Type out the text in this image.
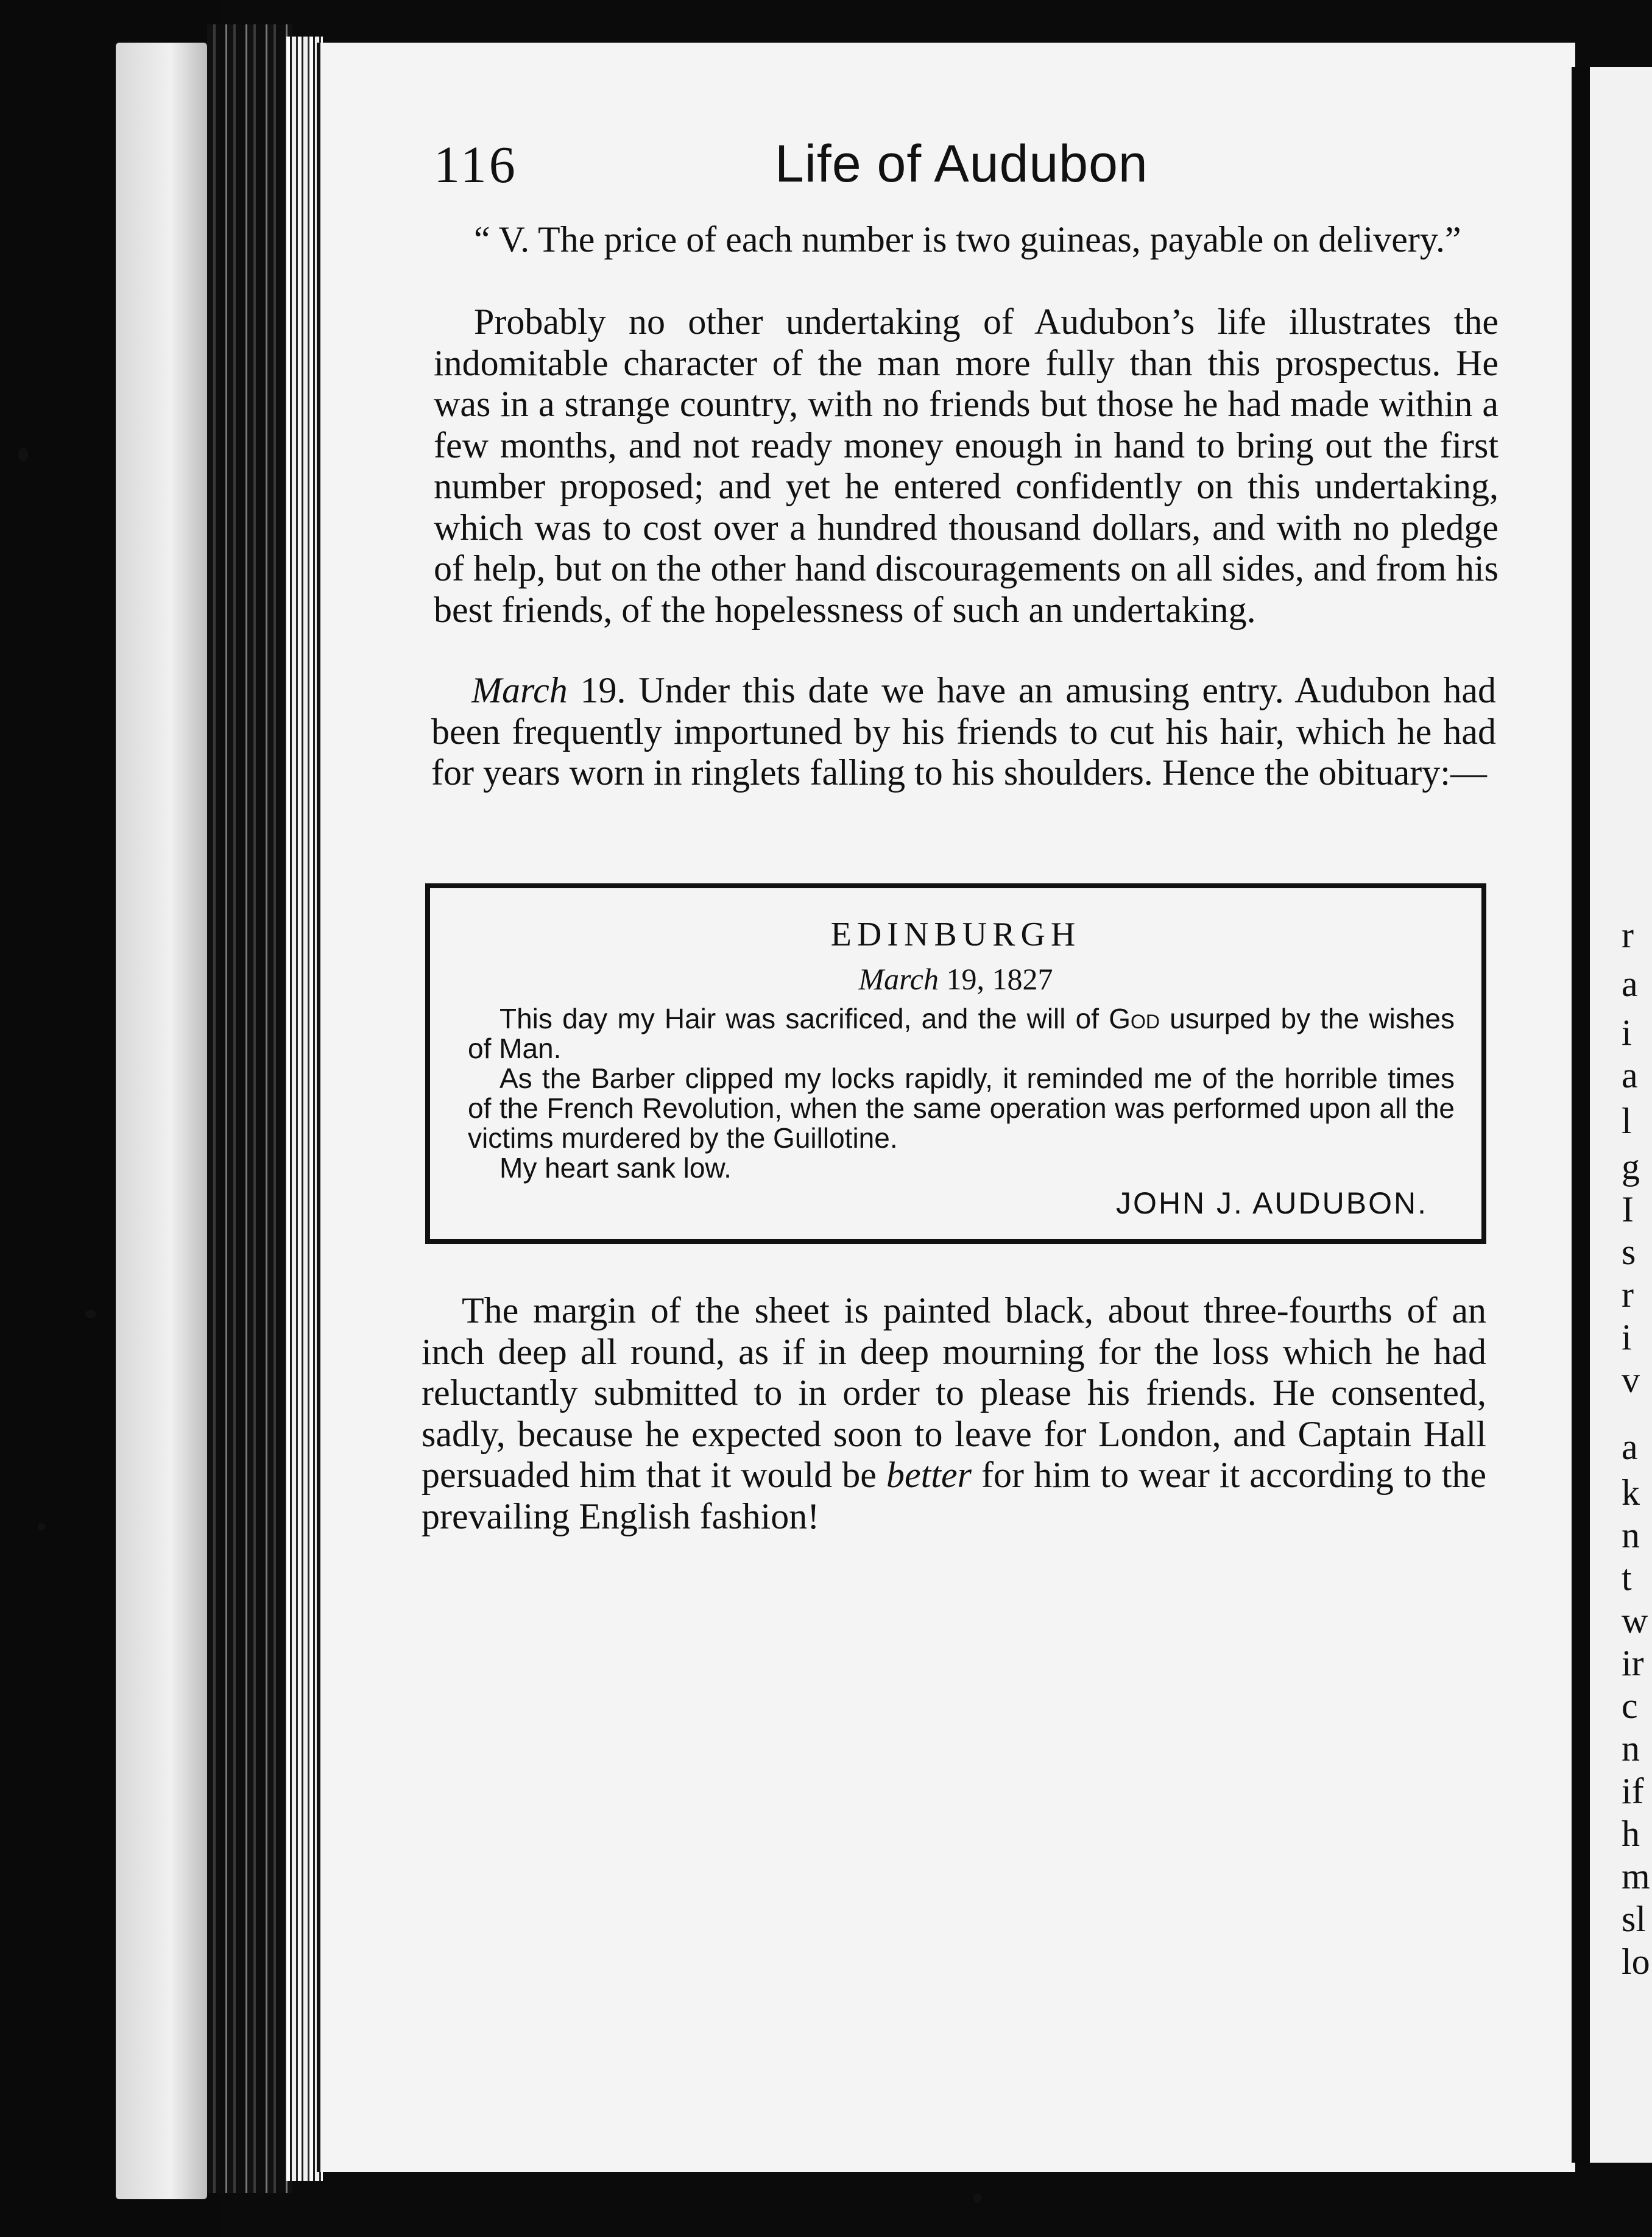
r
a
i
a
l
g
I
s
r
i
v
a
k
n
t
w
ir
c
n
if
h
m
sl
lo
116	Life of Audubon

“ V. The price of each number is two guineas, payable on delivery.”

Probably no other undertaking of Audubon’s life illustrates the indomitable character of the man more fully than this prospectus. He was in a strange country, with no friends but those he had made within a few months, and not ready money enough in hand to bring out the first number proposed; and yet he entered confidently on this undertaking, which was to cost over a hundred thousand dollars, and with no pledge of help, but on the other hand discouragements on all sides, and from his best friends, of the hopelessness of such an undertaking.

March 19. Under this date we have an amusing entry. Audubon had been frequently importuned by his friends to cut his hair, which he had for years worn in ringlets falling to his shoulders. Hence the obituary:—

EDINBURGH
March 19, 1827

This day my Hair was sacrificed, and the will of God usurped by the wishes of Man.

As the Barber clipped my locks rapidly, it reminded me of the horrible times of the French Revolution, when the same operation was performed upon all the victims murdered by the Guillotine.

My heart sank low.

JOHN J. AUDUBON.

The margin of the sheet is painted black, about three-fourths of an inch deep all round, as if in deep mourning for the loss which he had reluctantly submitted to in order to please his friends. He consented, sadly, because he expected soon to leave for London, and Captain Hall persuaded him that it would be better for him to wear it according to the prevailing English fashion!
